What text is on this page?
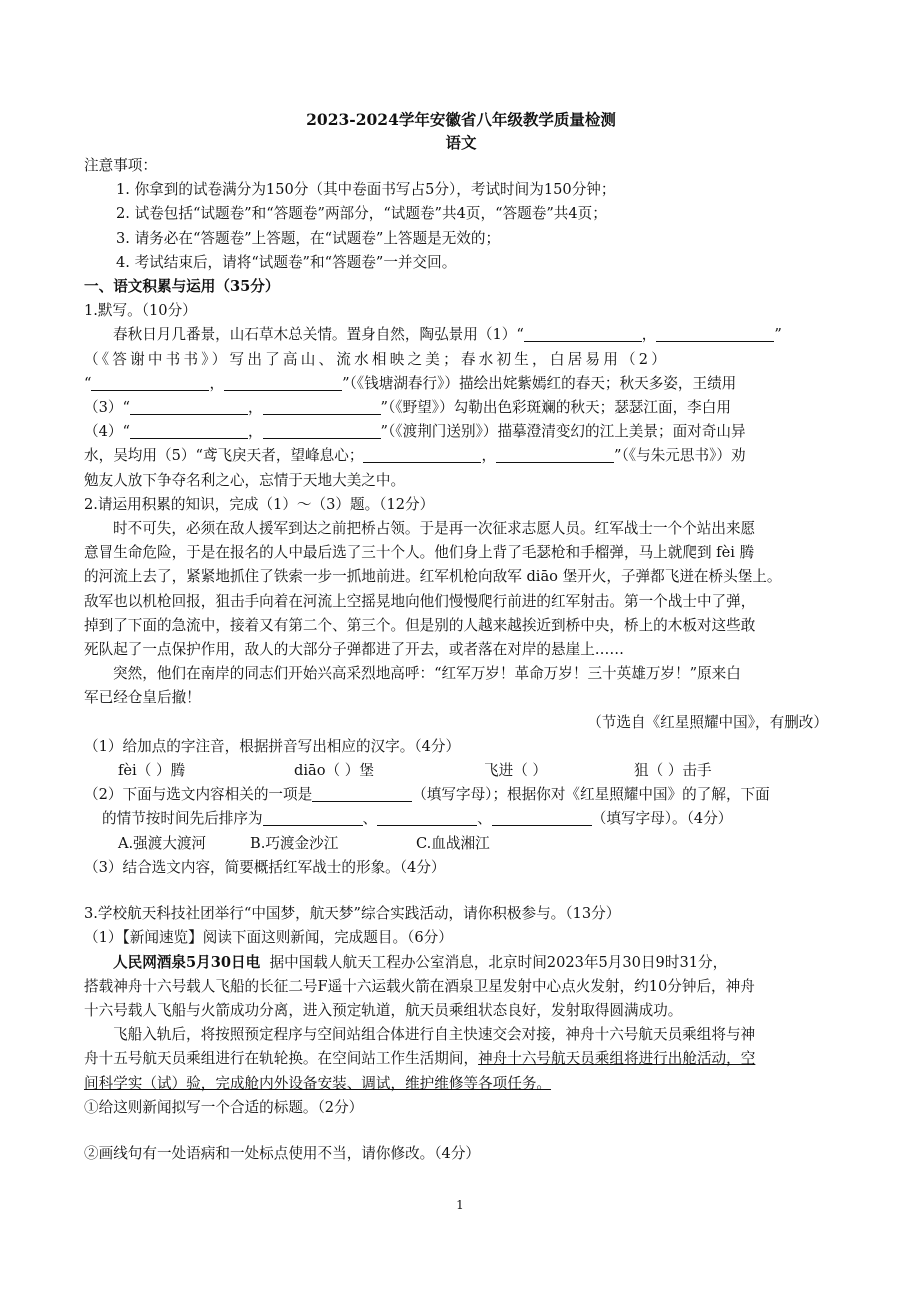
2023-2024学年安徽省八年级教学质量检测
语文
注意事项：
1. 你拿到的试卷满分为150分（其中卷面书写占5分），考试时间为150分钟；
2. 试卷包括“试题卷”和“答题卷”两部分，“试题卷”共4页，“答题卷”共4页；
3. 请务必在“答题卷”上答题，在“试题卷”上答题是无效的；
4. 考试结束后，请将“试题卷”和“答题卷”一并交回。
一、语文积累与运用（35分）
1.默写。（10分）
春秋日月几番景，山石草木总关情。置身自然，陶弘景用（1）“	，	”
（《答谢中书书》）写出了高山、流水相映之美；春水初生，白居易用（2）
“	，	”（《钱塘湖春行》）描绘出姹紫嫣红的春天；秋天多姿，王绩用
（3）“	，	”（《野望》）勾勒出色彩斑斓的秋天；瑟瑟江面，李白用
（4）“	，	”（《渡荆门送别》）描摹澄清变幻的江上美景；面对奇山异
水，吴均用（5）“鸢飞戾天者，望峰息心；	，	”（《与朱元思书》）劝
勉友人放下争夺名利之心，忘情于天地大美之中。
2.请运用积累的知识，完成（1）～（3）题。（12分）
时不可失，必须在敌人援军到达之前把桥占领。于是再一次征求志愿人员。红军战士一个个站出来愿
意冒生命危险，于是在报名的人中最后选了三十个人。他们身上背了毛瑟枪和手榴弹，马上就爬到 fèi 腾
的河流上去了，紧紧地抓住了铁索一步一抓地前进。红军机枪向敌军 diāo 堡开火，子弹都飞迸在桥头堡上。
敌军也以机枪回报，狙击手向着在河流上空摇晃地向他们慢慢爬行前进的红军射击。第一个战士中了弹，
掉到了下面的急流中，接着又有第二个、第三个。但是别的人越来越挨近到桥中央，桥上的木板对这些敢
死队起了一点保护作用，敌人的大部分子弹都进了开去，或者落在对岸的悬崖上……
突然，他们在南岸的同志们开始兴高采烈地高呼：“红军万岁！革命万岁！三十英雄万岁！”原来白
军已经仓皇后撤！
（节选自《红星照耀中国》，有删改）
（1）给加点的字注音，根据拼音写出相应的汉字。（4分）
fèi（ ）腾	diāo（ ）堡	飞进（ ）	狙（ ）击手
（2）下面与选文内容相关的一项是	（填写字母）；根据你对《红星照耀中国》的了解，下面
的情节按时间先后排序为	、	、	（填写字母）。（4分）
A.强渡大渡河	B.巧渡金沙江	C.血战湘江
（3）结合选文内容，简要概括红军战士的形象。（4分）
3.学校航天科技社团举行“中国梦，航天梦”综合实践活动，请你积极参与。（13分）
（1）【新闻速览】阅读下面这则新闻，完成题目。（6分）
人民网酒泉5月30日电 据中国载人航天工程办公室消息，北京时间2023年5月30日9时31分，
搭载神舟十六号载人飞船的长征二号F遥十六运载火箭在酒泉卫星发射中心点火发射，约10分钟后，神舟
十六号载人飞船与火箭成功分离，进入预定轨道，航天员乘组状态良好，发射取得圆满成功。
飞船入轨后，将按照预定程序与空间站组合体进行自主快速交会对接，神舟十六号航天员乘组将与神
舟十五号航天员乘组进行在轨轮换。在空间站工作生活期间，神舟十六号航天员乘组将进行出舱活动，空
间科学实（试）验，完成舱内外设备安装、调试，维护维修等各项任务。
①给这则新闻拟写一个合适的标题。（2分）
②画线句有一处语病和一处标点使用不当，请你修改。（4分）
1
